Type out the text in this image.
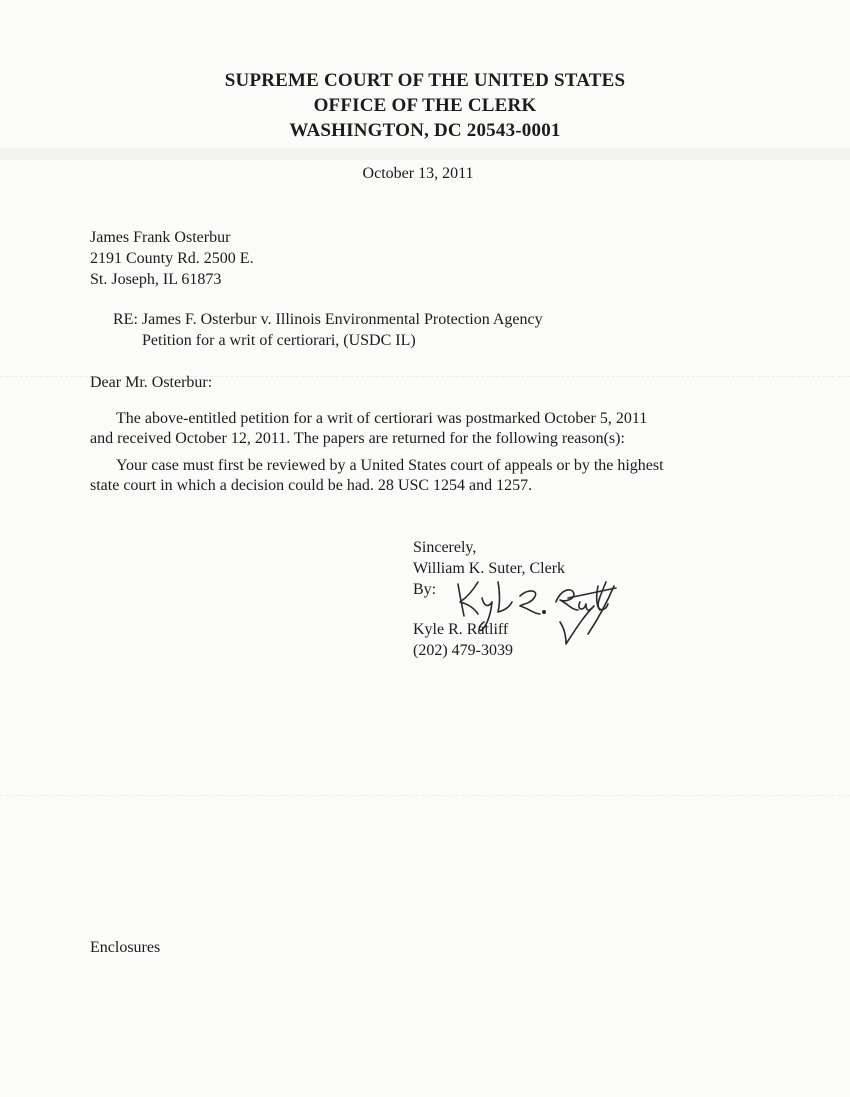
SUPREME COURT OF THE UNITED STATES
OFFICE OF THE CLERK
WASHINGTON, DC 20543-0001
October 13, 2011
James Frank Osterbur
2191 County Rd. 2500 E.
St. Joseph, IL 61873
RE: James F. Osterbur v. Illinois Environmental Protection Agency
Petition for a writ of certiorari, (USDC IL)
Dear Mr. Osterbur:
The above-entitled petition for a writ of certiorari was postmarked October 5, 2011
and received October 12, 2011. The papers are returned for the following reason(s):
Your case must first be reviewed by a United States court of appeals or by the highest
state court in which a decision could be had. 28 USC 1254 and 1257.
Sincerely,
William K. Suter, Clerk
By:
Kyle R. Ratliff
(202) 479-3039
Enclosures
